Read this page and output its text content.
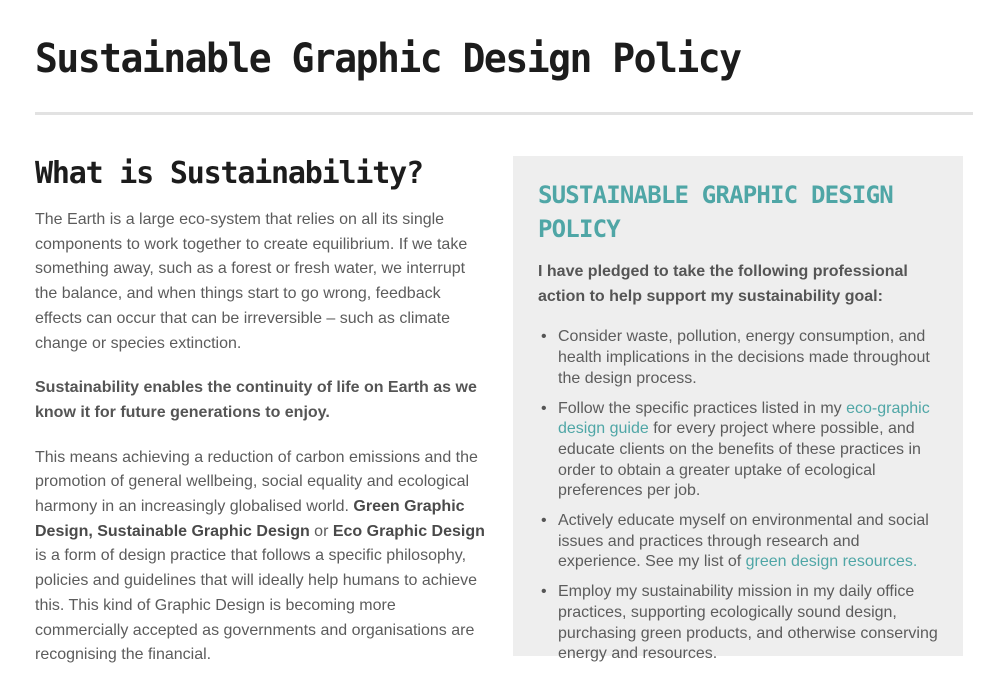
Sustainable Graphic Design Policy
What is Sustainability?

The Earth is a large eco-system that relies on all its single components to work together to create equilibrium. If we take something away, such as a forest or fresh water, we interrupt the balance, and when things start to go wrong, feedback effects can occur that can be irreversible – such as climate change or species extinction.

Sustainability enables the continuity of life on Earth as we know it for future generations to enjoy.

This means achieving a reduction of carbon emissions and the promotion of general wellbeing, social equality and ecological harmony in an increasingly globalised world. Green Graphic Design, Sustainable Graphic Design or Eco Graphic Design is a form of design practice that follows a specific philosophy, policies and guidelines that will ideally help humans to achieve this. This kind of Graphic Design is becoming more commercially accepted as governments and organisations are recognising the financial.

SUSTAINABLE GRAPHIC DESIGN POLICY

I have pledged to take the following professional action to help support my sustainability goal:

• Consider waste, pollution, energy consumption, and health implications in the decisions made throughout the design process.
• Follow the specific practices listed in my eco-graphic design guide for every project where possible, and educate clients on the benefits of these practices in order to obtain a greater uptake of ecological preferences per job.
• Actively educate myself on environmental and social issues and practices through research and experience. See my list of green design resources.
• Employ my sustainability mission in my daily office practices, supporting ecologically sound design, purchasing green products, and otherwise conserving energy and resources.
